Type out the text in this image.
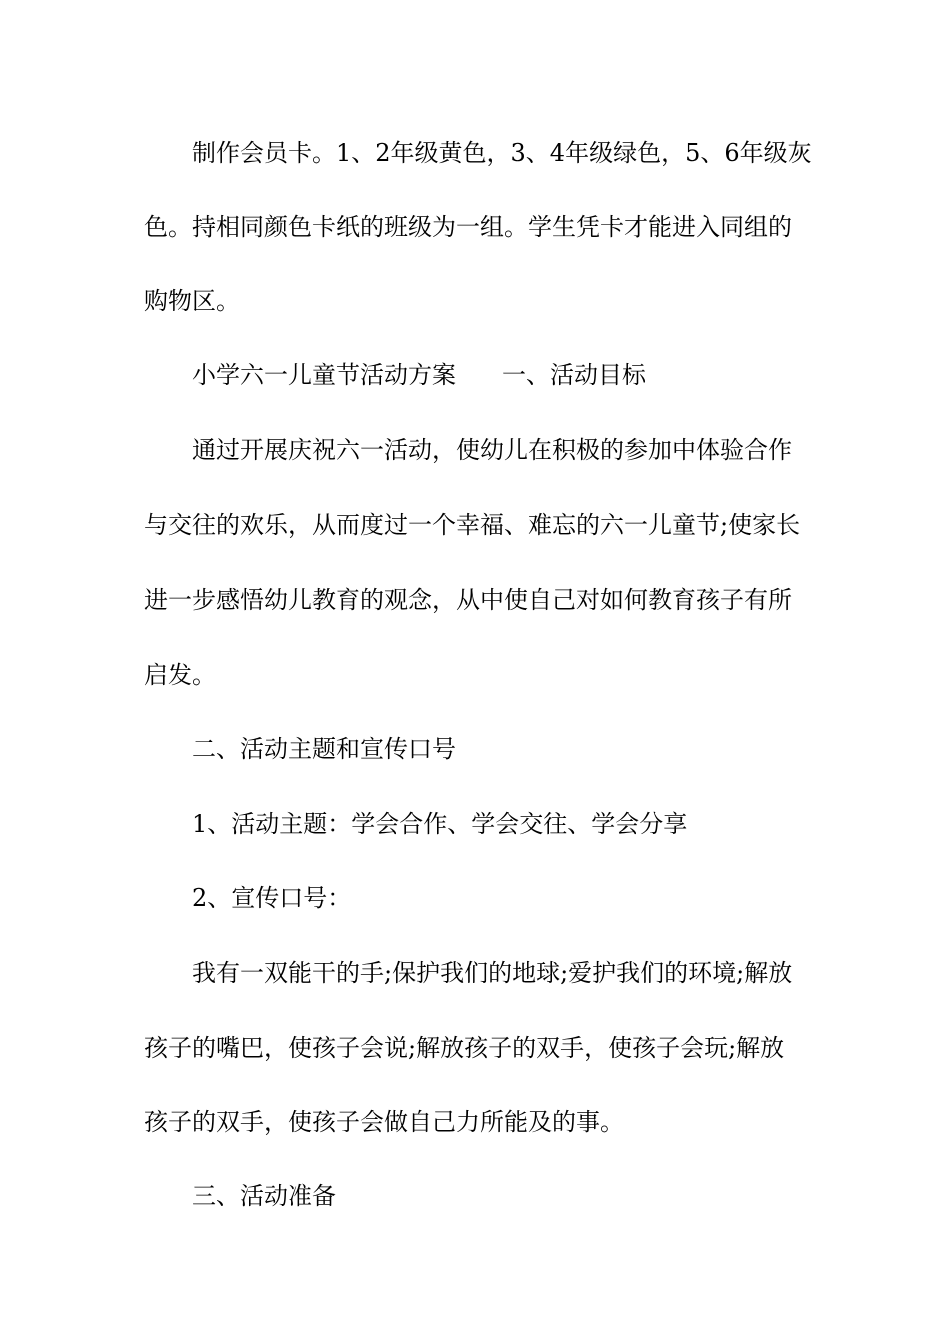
制作会员卡。1、2年级黄色，3、4年级绿色，5、6年级灰
色。持相同颜色卡纸的班级为一组。学生凭卡才能进入同组的
购物区。
小学六一儿童节活动方案 一、活动目标
通过开展庆祝六一活动，使幼儿在积极的参加中体验合作
与交往的欢乐，从而度过一个幸福、难忘的六一儿童节;使家长
进一步感悟幼儿教育的观念，从中使自己对如何教育孩子有所
启发。
二、活动主题和宣传口号
1、活动主题：学会合作、学会交往、学会分享
2、宣传口号：
我有一双能干的手;保护我们的地球;爱护我们的环境;解放
孩子的嘴巴，使孩子会说;解放孩子的双手，使孩子会玩;解放
孩子的双手，使孩子会做自己力所能及的事。
三、活动准备
